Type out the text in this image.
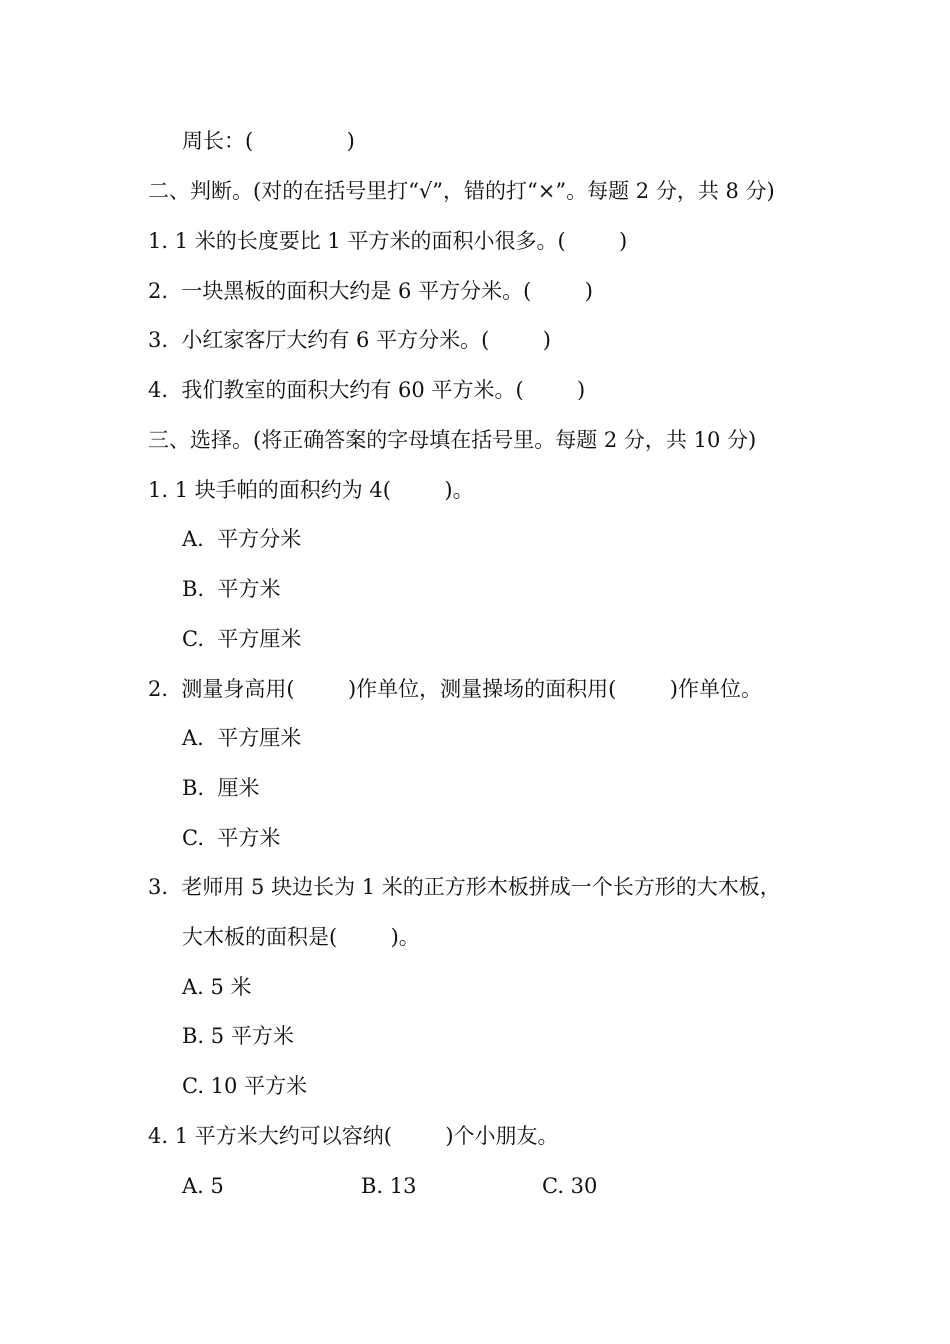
周长：(              )
二、判断。(对的在括号里打“√”，错的打“×”。每题 2 分，共 8 分)
1. 1 米的长度要比 1 平方米的面积小很多。(        )
2.  一块黑板的面积大约是 6 平方分米。(        )
3.  小红家客厅大约有 6 平方分米。(        )
4.  我们教室的面积大约有 60 平方米。(        )
三、选择。(将正确答案的字母填在括号里。每题 2 分，共 10 分)
1. 1 块手帕的面积约为 4(        )。
A.  平方分米
B.  平方米
C.  平方厘米
2.  测量身高用(        )作单位，测量操场的面积用(        )作单位。
A.  平方厘米
B.  厘米
C.  平方米
3.  老师用 5 块边长为 1 米的正方形木板拼成一个长方形的大木板，
大木板的面积是(        )。
A. 5 米
B. 5 平方米
C. 10 平方米
4. 1 平方米大约可以容纳(        )个小朋友。
A. 5	B. 13	C. 30
